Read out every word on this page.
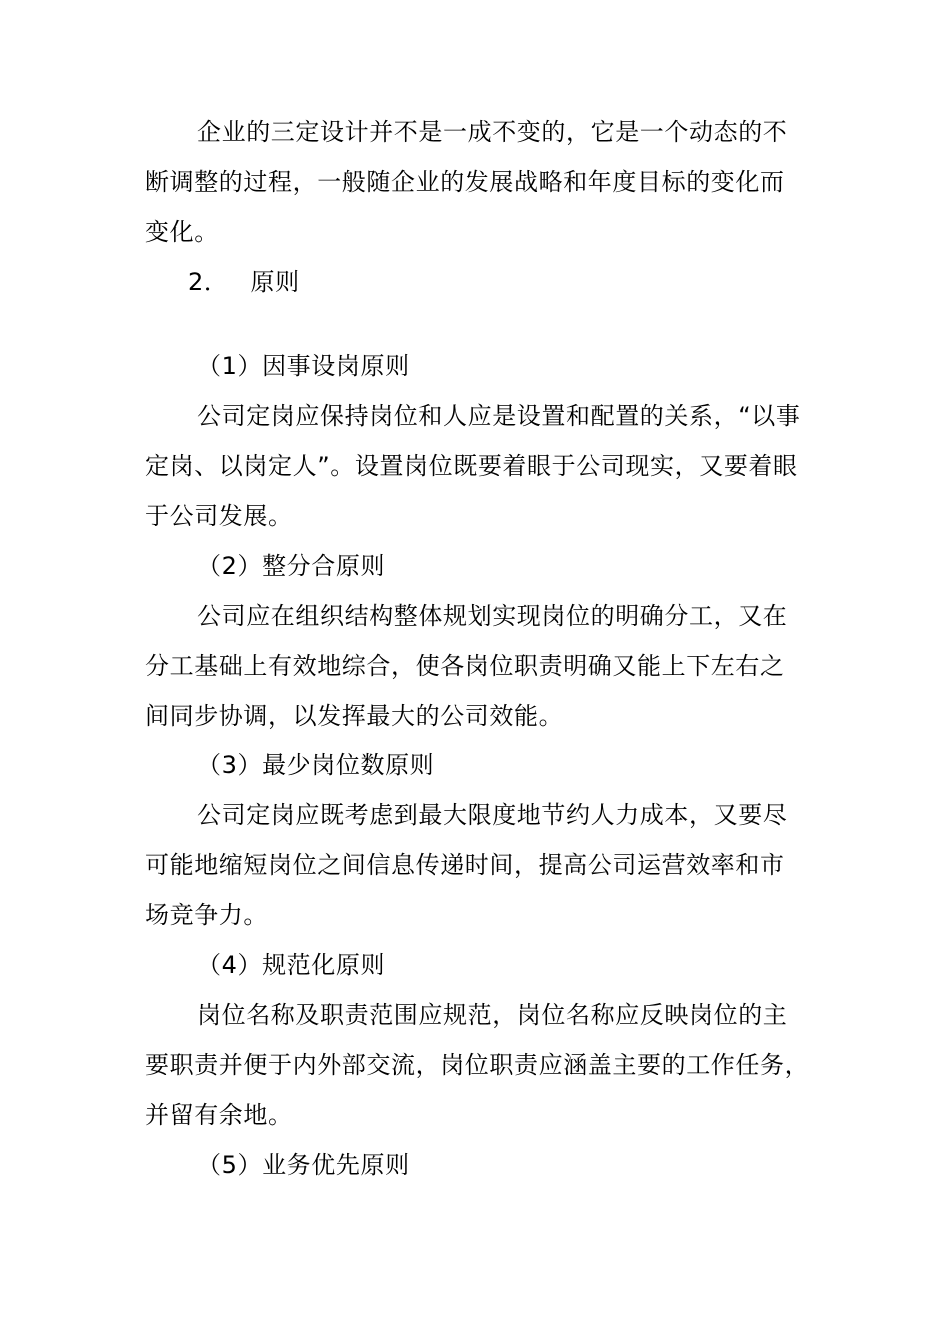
企业的三定设计并不是一成不变的，它是一个动态的不
断调整的过程，一般随企业的发展战略和年度目标的变化而
变化。
2． 原则
（1）因事设岗原则
公司定岗应保持岗位和人应是设置和配置的关系，“以事
定岗、以岗定人”。设置岗位既要着眼于公司现实，又要着眼
于公司发展。
（2）整分合原则
公司应在组织结构整体规划实现岗位的明确分工，又在
分工基础上有效地综合，使各岗位职责明确又能上下左右之
间同步协调，以发挥最大的公司效能。
（3）最少岗位数原则
公司定岗应既考虑到最大限度地节约人力成本，又要尽
可能地缩短岗位之间信息传递时间，提高公司运营效率和市
场竞争力。
（4）规范化原则
岗位名称及职责范围应规范，岗位名称应反映岗位的主
要职责并便于内外部交流，岗位职责应涵盖主要的工作任务，
并留有余地。
（5）业务优先原则
